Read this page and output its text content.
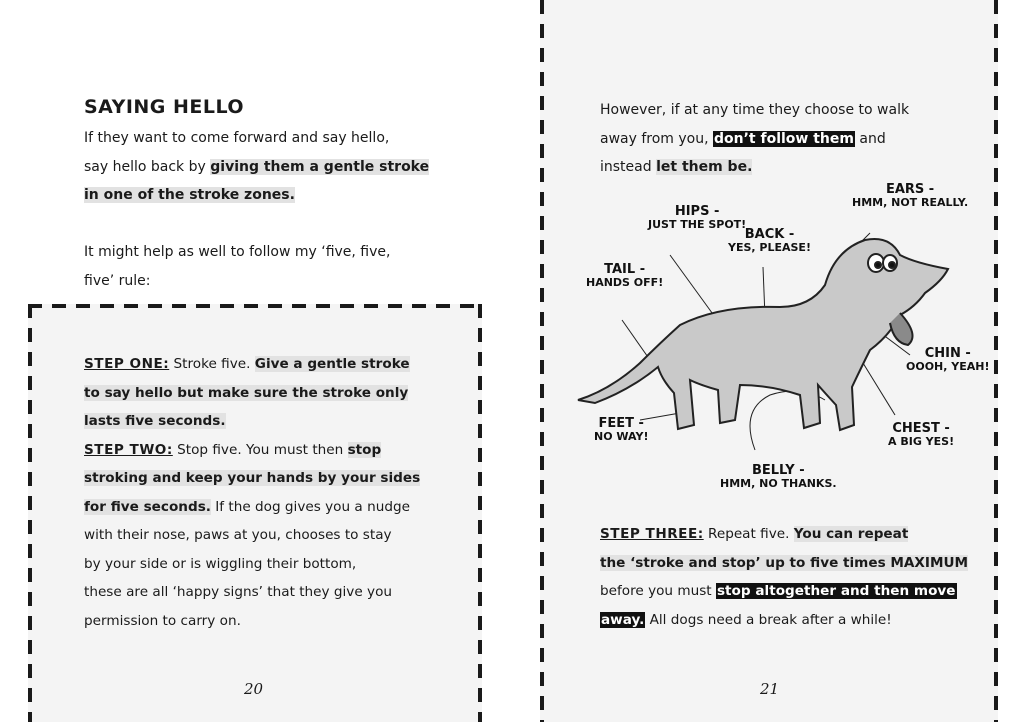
SAYING HELLO
If they want to come forward and say hello,
say hello back by giving them a gentle stroke
in one of the stroke zones.
It might help as well to follow my ‘five, five,
five’ rule:
STEP ONE: Stroke five. Give a gentle stroke
to say hello but make sure the stroke only
lasts five seconds.
STEP TWO: Stop five. You must then stop
stroking and keep your hands by your sides
for five seconds. If the dog gives you a nudge
with their nose, paws at you, chooses to stay
by your side or is wiggling their bottom,
these are all ‘happy signs’ that they give you
permission to carry on.
20
However, if at any time they choose to walk
away from you, don’t follow them and
instead let them be.
STEP THREE: Repeat five. You can repeat
the ‘stroke and stop’ up to five times MAXIMUM
before you must stop altogether and then move
away. All dogs need a break after a while!
21
HIPS -
JUST THE SPOT!
BACK -
YES, PLEASE!
EARS -
HMM, NOT REALLY.
TAIL -
HANDS OFF!
CHIN -
OOOH, YEAH!
FEET -
NO WAY!
CHEST -
A BIG YES!
BELLY -
HMM, NO THANKS.
